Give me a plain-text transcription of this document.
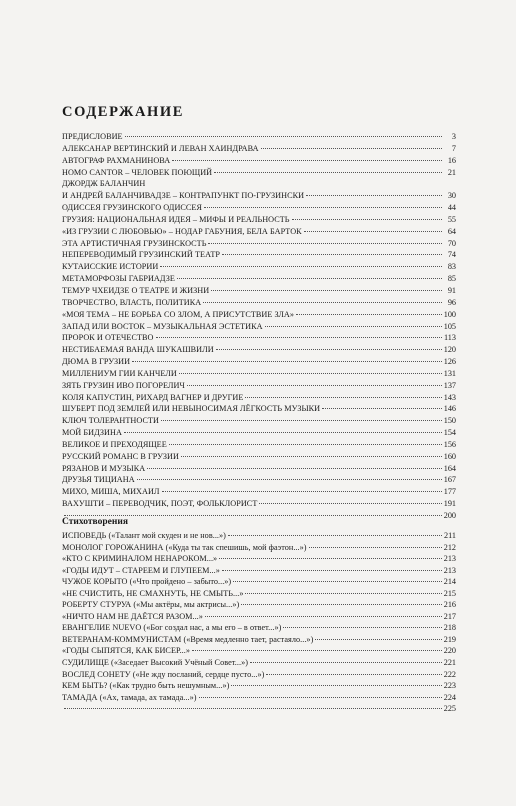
СОДЕРЖАНИЕ
ПРЕДИСЛОВИЕ	3
АЛЕКСАНАР ВЕРТИНСКИЙ И ЛЕВАН ХАИНДРАВА	7
АВТОГРАФ РАХМАНИНОВА	16
HOMO CANTOR – ЧЕЛОВЕК ПОЮЩИЙ	21
ДЖОРДЖ БАЛАНЧИН
И АНДРЕЙ БАЛАНЧИВАДЗЕ – КОНТРАПУНКТ ПО-ГРУЗИНСКИ	30
ОДИССЕЯ ГРУЗИНСКОГО ОДИССЕЯ	44
ГРУЗИЯ: НАЦИОНАЛЬНАЯ ИДЕЯ – МИФЫ И РЕАЛЬНОСТЬ	55
«ИЗ ГРУЗИИ С ЛЮБОВЬЮ» – НОДАР ГАБУНИЯ, БЕЛА БАРТОК	64
ЭТА АРТИСТИЧНАЯ ГРУЗИНСКОСТЬ	70
НЕПЕРЕВОДИМЫЙ ГРУЗИНСКИЙ ТЕАТР	74
КУТАИССКИЕ ИСТОРИИ	83
МЕТАМОРФОЗЫ ГАБРИАДЗЕ	85
ТЕМУР ЧХЕИДЗЕ О ТЕАТРЕ И ЖИЗНИ	91
ТВОРЧЕСТВО, ВЛАСТЬ, ПОЛИТИКА	96
«МОЯ ТЕМА – НЕ БОРЬБА СО ЗЛОМ, А ПРИСУТСТВИЕ ЗЛА»	100
ЗАПАД ИЛИ ВОСТОК – МУЗЫКАЛЬНАЯ ЭСТЕТИКА	105
ПРОРОК И ОТЕЧЕСТВО	113
НЕСТИБАЕМАЯ ВАНДА ШУКАШВИЛИ	120
ДЮМА В ГРУЗИИ	126
МИЛЛЕНИУМ ГИИ КАНЧЕЛИ	131
ЗЯТЬ ГРУЗИН ИВО ПОГОРЕЛИЧ	137
КОЛЯ КАПУСТИН, РИХАРД ВАГНЕР И ДРУГИЕ	143
ШУБЕРТ ПОД ЗЕМЛЕЙ ИЛИ НЕВЫНОСИМАЯ ЛЁГКОСТЬ МУЗЫКИ	146
КЛЮЧ ТОЛЕРАНТНОСТИ	150
МОЙ БИДЗИНА	154
ВЕЛИКОЕ И ПРЕХОДЯЩЕЕ	156
РУССКИЙ РОМАНС В ГРУЗИИ	160
РЯЗАНОВ И МУЗЫКА	164
ДРУЗЬЯ ТИЦИАНА	167
МИХО, МИША, МИХАИЛ	177
ВАХУШТИ – ПЕРЕВОДЧИК, ПОЭТ, ФОЛЬКЛОРИСТ	191
200
Стихотворения
ИСПОВЕДЬ («Талант мой скуден и не нов...»)	211
МОНОЛОГ ГОРОЖАНИНА («Куда ты так спешишь, мой фаэтон...»)	212
«КТО С КРИМИНАЛОМ НЕНАРОКОМ...»	213
«ГОДЫ ИДУТ – СТАРЕЕМ И ГЛУПЕЕМ...»	213
ЧУЖОЕ КОРЫТО («Что пройдено – забыто...»)	214
«НЕ СЧИСТИТЬ, НЕ СМАХНУТЬ, НЕ СМЫТЬ...»	215
РОБЕРТУ СТУРУА («Мы актёры, мы актрисы...»)	216
«НИЧТО НАМ НЕ ДАЁТСЯ РАЗОМ...»	217
ЕВАНГЕЛИЕ NUEVO («Бог создал нас, а мы его – в ответ...»)	218
ВЕТЕРАНАМ-КОММУНИСТАМ («Время медленно тает, растаяло...»)	219
«ГОДЫ СЫПЯТСЯ, КАК БИСЕР...»	220
СУДИЛИЩЕ («Заседает Высокий Учёный Совет...»)	221
ВОСЛЕД СОНЕТУ («Не жду посланий, сердце пусто...»)	222
КЕМ БЫТЬ? («Как трудно быть нешумным...»)	223
ТАМАДА («Ах, тамада, ах тамада...»)	224
225
